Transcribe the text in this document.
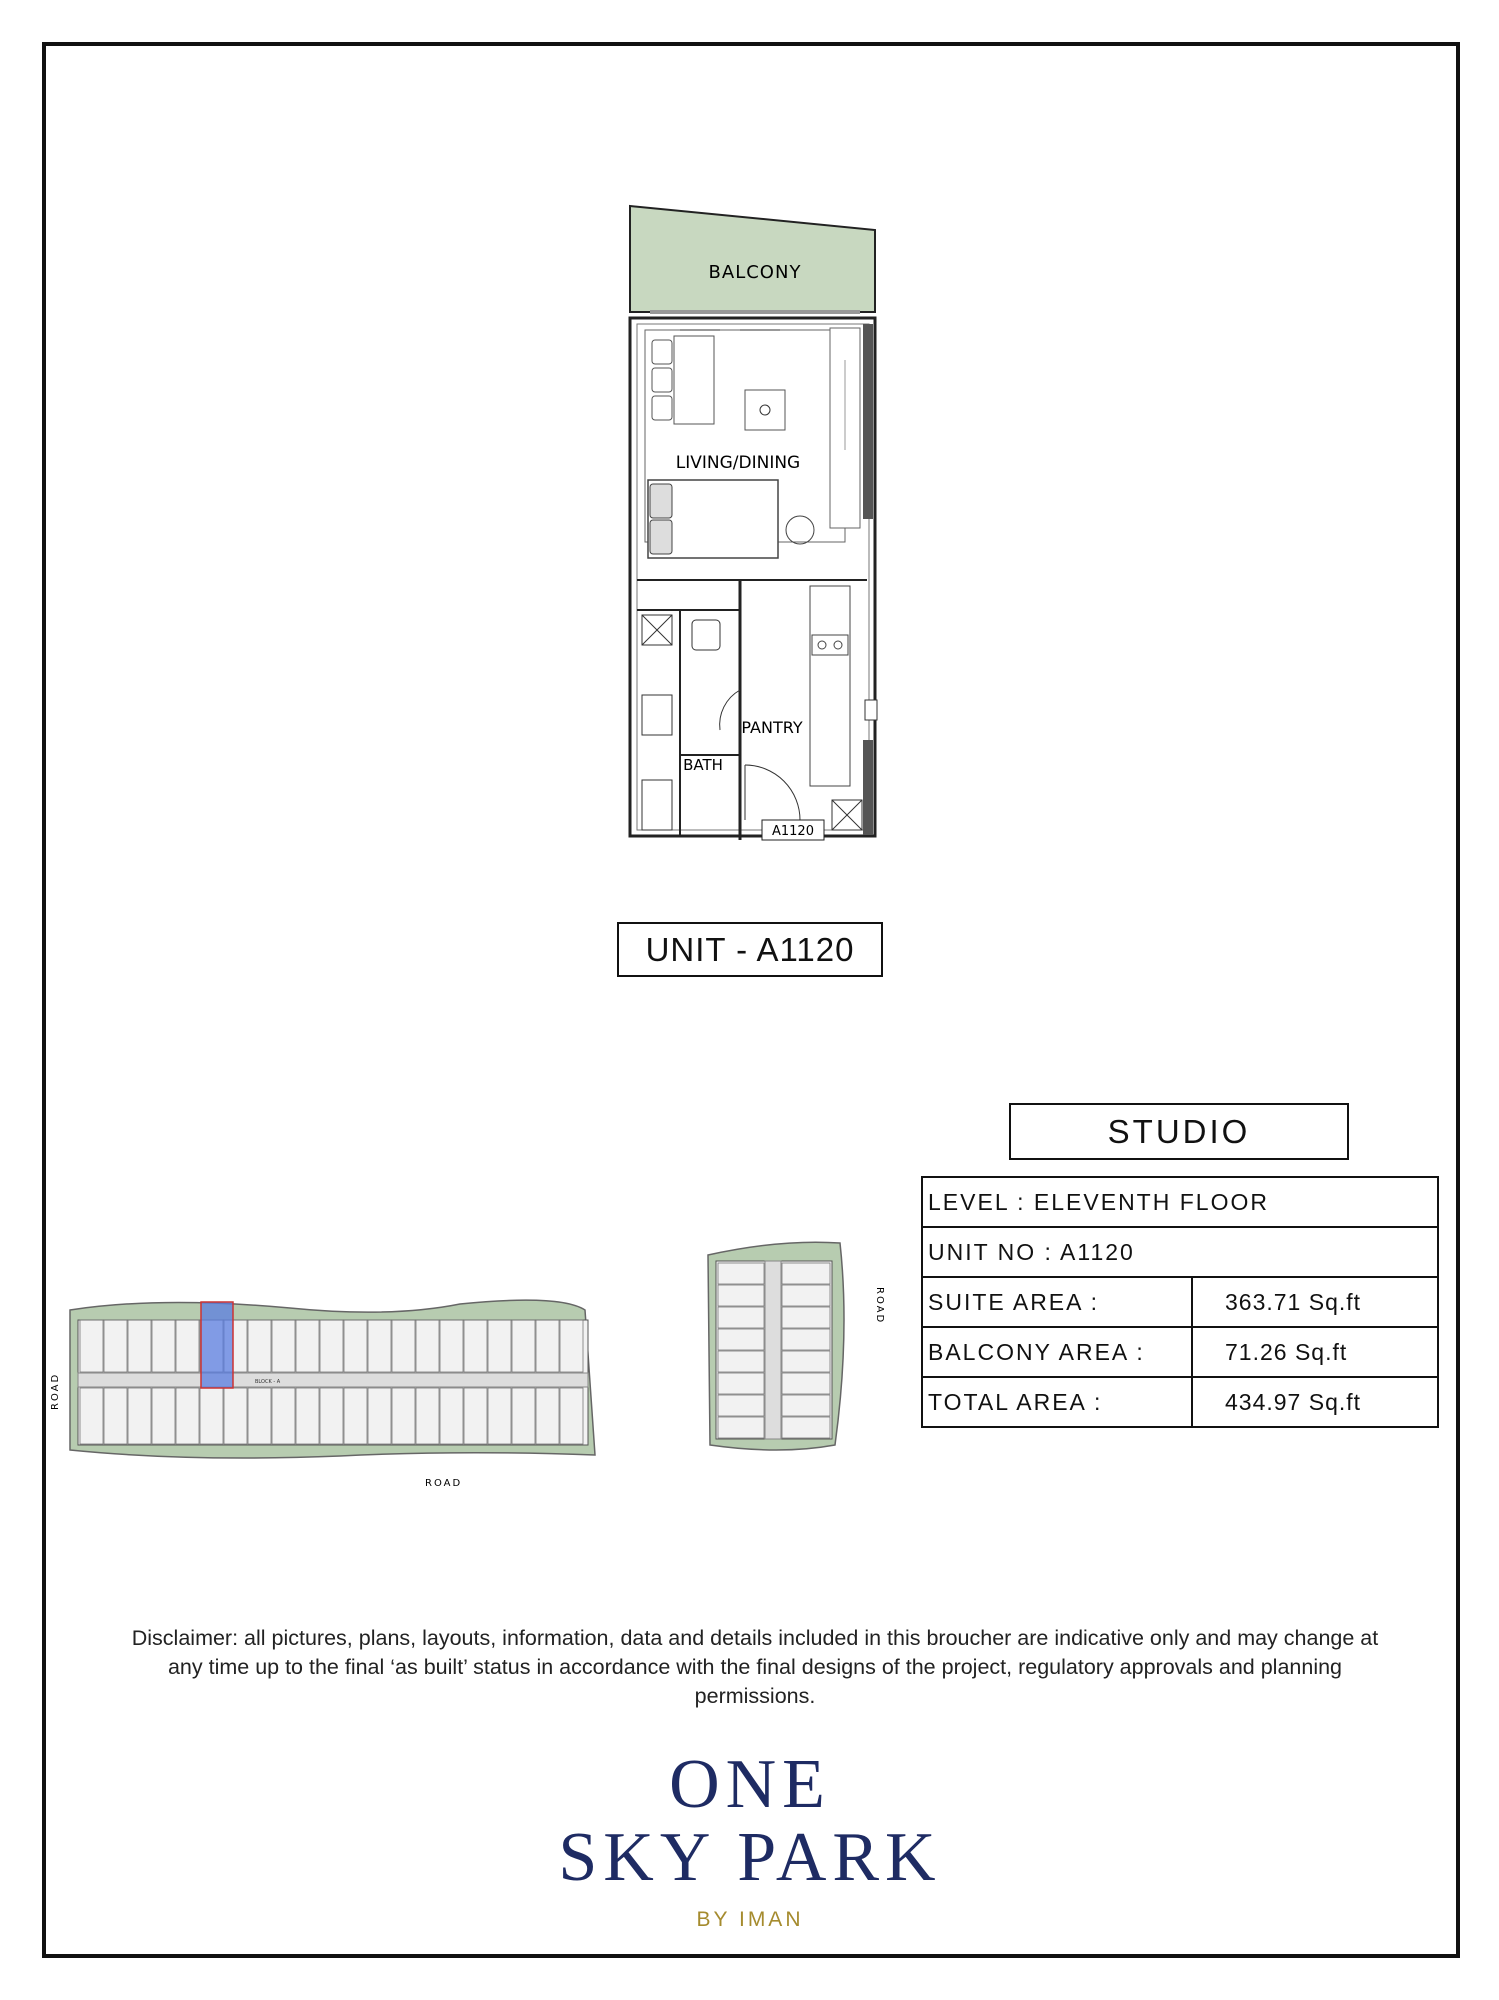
BALCONY
LIVING/DINING
BATH
PANTRY
A1120
UNIT - A1120
STUDIO
LEVEL : ELEVENTH FLOOR	
UNIT NO : A1120	
SUITE AREA :	363.71 Sq.ft
BALCONY AREA :	71.26 Sq.ft
TOTAL AREA :	434.97 Sq.ft
BLOCK - A
ROAD
ROAD
ROAD
Disclaimer: all pictures, plans, layouts, information, data and details included in this broucher are indicative only and may change at any time up to the final ‘as built’ status in accordance with the final designs of the project, regulatory approvals and planning permissions.
ONE
SKY PARK
BY IMAN
